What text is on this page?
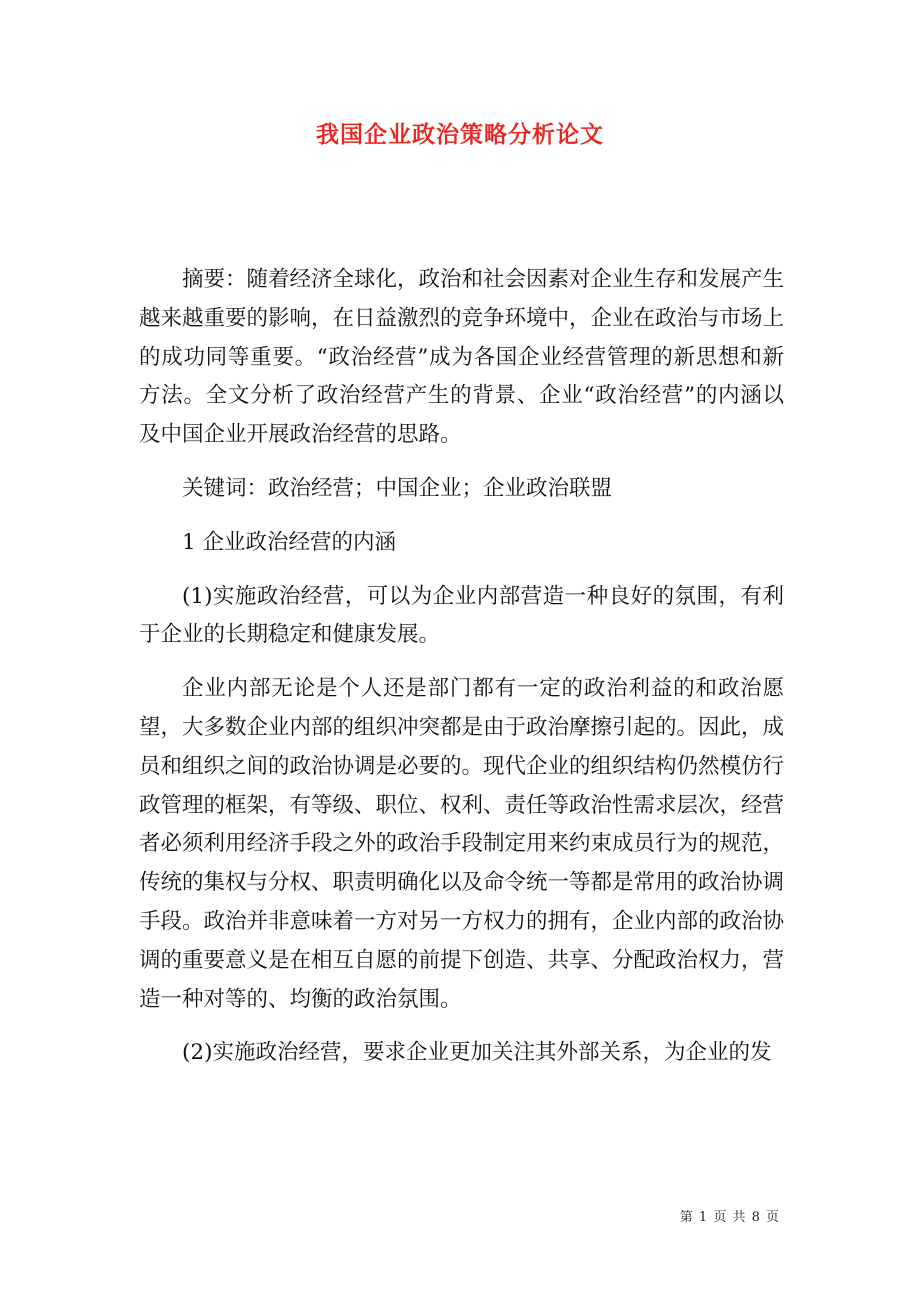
我国企业政治策略分析论文

摘要：随着经济全球化，政治和社会因素对企业生存和发展产生越来越重要的影响，在日益激烈的竞争环境中，企业在政治与市场上的成功同等重要。“政治经营”成为各国企业经营管理的新思想和新方法。全文分析了政治经营产生的背景、企业“政治经营”的内涵以及中国企业开展政治经营的思路。

关键词：政治经营；中国企业；企业政治联盟

1 企业政治经营的内涵

(1)实施政治经营，可以为企业内部营造一种良好的氛围，有利于企业的长期稳定和健康发展。

企业内部无论是个人还是部门都有一定的政治利益的和政治愿望，大多数企业内部的组织冲突都是由于政治摩擦引起的。因此，成员和组织之间的政治协调是必要的。现代企业的组织结构仍然模仿行政管理的框架，有等级、职位、权利、责任等政治性需求层次，经营者必须利用经济手段之外的政治手段制定用来约束成员行为的规范，传统的集权与分权、职责明确化以及命令统一等都是常用的政治协调手段。政治并非意味着一方对另一方权力的拥有，企业内部的政治协调的重要意义是在相互自愿的前提下创造、共享、分配政治权力，营造一种对等的、均衡的政治氛围。

(2)实施政治经营，要求企业更加关注其外部关系，为企业的发

第 1 页 共 8 页
